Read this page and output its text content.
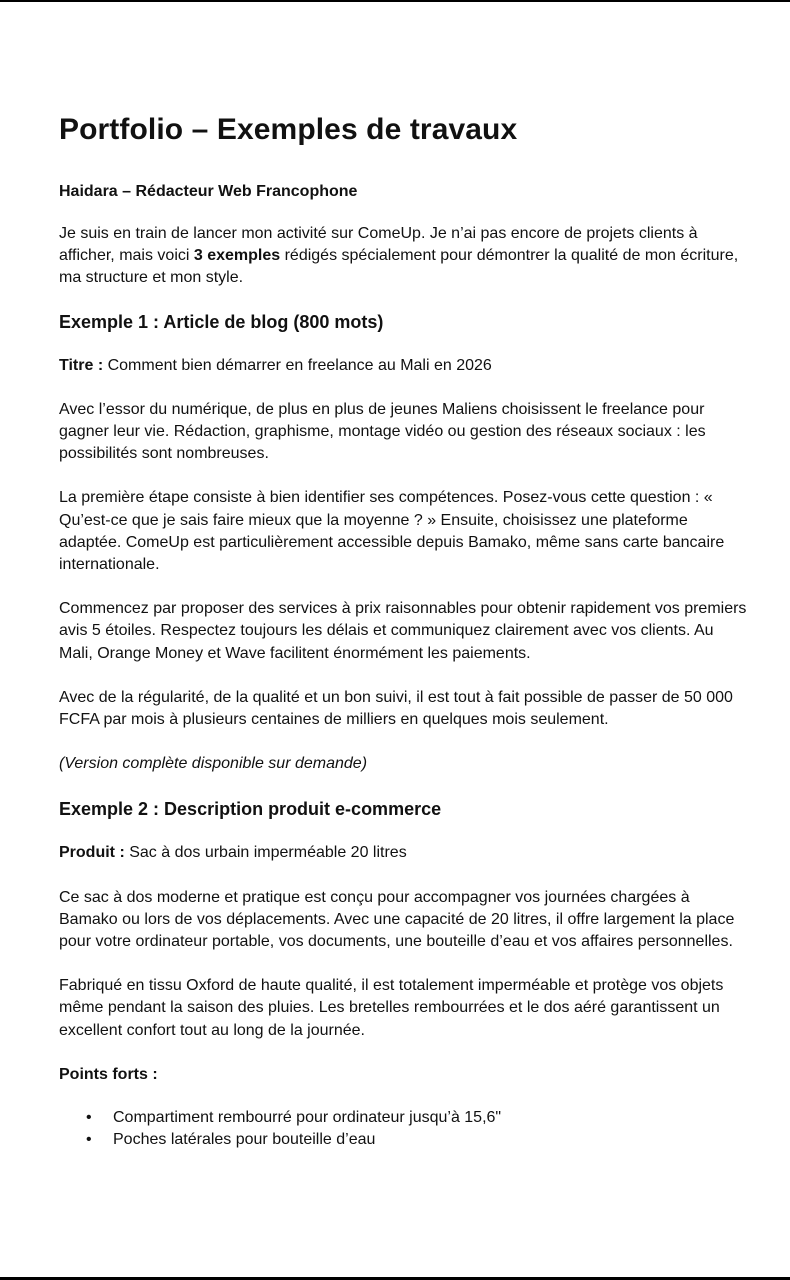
Portfolio – Exemples de travaux
Haidara – Rédacteur Web Francophone

Je suis en train de lancer mon activité sur ComeUp. Je n’ai pas encore de projets clients à afficher, mais voici 3 exemples rédigés spécialement pour démontrer la qualité de mon écriture, ma structure et mon style.

Exemple 1 : Article de blog (800 mots)

Titre : Comment bien démarrer en freelance au Mali en 2026

Avec l’essor du numérique, de plus en plus de jeunes Maliens choisissent le freelance pour gagner leur vie. Rédaction, graphisme, montage vidéo ou gestion des réseaux sociaux : les possibilités sont nombreuses.

La première étape consiste à bien identifier ses compétences. Posez-vous cette question : « Qu’est-ce que je sais faire mieux que la moyenne ? » Ensuite, choisissez une plateforme adaptée. ComeUp est particulièrement accessible depuis Bamako, même sans carte bancaire internationale.

Commencez par proposer des services à prix raisonnables pour obtenir rapidement vos premiers avis 5 étoiles. Respectez toujours les délais et communiquez clairement avec vos clients. Au Mali, Orange Money et Wave facilitent énormément les paiements.

Avec de la régularité, de la qualité et un bon suivi, il est tout à fait possible de passer de 50 000 FCFA par mois à plusieurs centaines de milliers en quelques mois seulement.

(Version complète disponible sur demande)

Exemple 2 : Description produit e-commerce

Produit : Sac à dos urbain imperméable 20 litres

Ce sac à dos moderne et pratique est conçu pour accompagner vos journées chargées à Bamako ou lors de vos déplacements. Avec une capacité de 20 litres, il offre largement la place pour votre ordinateur portable, vos documents, une bouteille d’eau et vos affaires personnelles.

Fabriqué en tissu Oxford de haute qualité, il est totalement imperméable et protège vos objets même pendant la saison des pluies. Les bretelles rembourrées et le dos aéré garantissent un excellent confort tout au long de la journée.

Points forts :

• Compartiment rembourré pour ordinateur jusqu’à 15,6"
• Poches latérales pour bouteille d’eau
